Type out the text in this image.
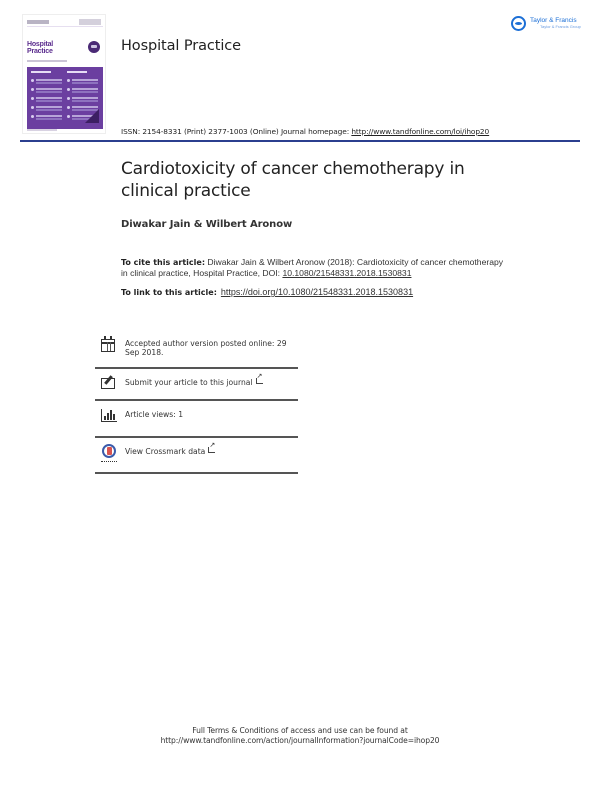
Hospital
Practice	Hospital Practice
Taylor & Francis
Taylor & Francis Group
ISSN: 2154-8331 (Print) 2377-1003 (Online) Journal homepage: http://www.tandfonline.com/loi/ihop20
Cardiotoxicity of cancer chemotherapy in clinical practice
Diwakar Jain & Wilbert Aronow
To cite this article: Diwakar Jain & Wilbert Aronow (2018): Cardiotoxicity of cancer chemotherapy in clinical practice, Hospital Practice, DOI: 10.1080/21548331.2018.1530831
To link to this article: https://doi.org/10.1080/21548331.2018.1530831
Accepted author version posted online: 29 Sep 2018.
Submit your article to this journal↗
Article views: 1
View Crossmark data↗
Full Terms & Conditions of access and use can be found at
http://www.tandfonline.com/action/journalInformation?journalCode=ihop20
